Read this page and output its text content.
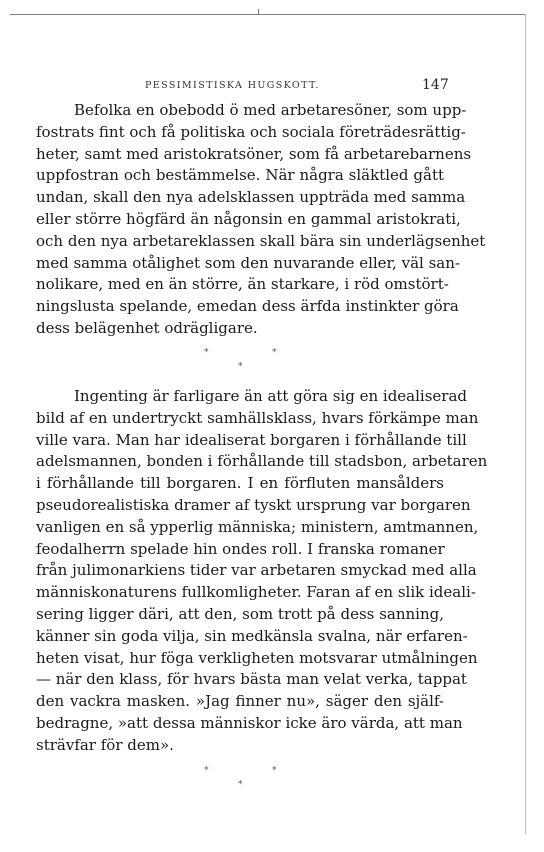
PESSIMISTISKA HUGSKOTT.	147

Befolka en obebodd ö med arbetaresöner, som upp-

fostrats fint och få politiska och sociala företrädesrättig-

heter, samt med aristokratsöner, som få arbetarebarnens

uppfostran och bestämmelse. När några släktled gått

undan, skall den nya adelsklassen uppträda med samma

eller större högfärd än någonsin en gammal aristokrati,

och den nya arbetareklassen skall bära sin underlägsenhet

med samma otålighet som den nuvarande eller, väl san-

nolikare, med en än större, än starkare, i röd omstört-

ningslusta spelande, emedan dess ärfda instinkter göra

dess belägenhet odrägligare.

*	*
*

Ingenting är farligare än att göra sig en idealiserad

bild af en undertryckt samhällsklass, hvars förkämpe man

ville vara. Man har idealiserat borgaren i förhållande till

adelsmannen, bonden i förhållande till stadsbon, arbetaren

i förhållande till borgaren. I en förfluten mansålders

pseudorealistiska dramer af tyskt ursprung var borgaren

vanligen en så ypperlig människa; ministern, amtmannen,

feodalherrn spelade hin ondes roll. I franska romaner

från julimonarkiens tider var arbetaren smyckad med alla

människonaturens fullkomligheter. Faran af en slik ideali-

sering ligger däri, att den, som trott på dess sanning,

känner sin goda vilja, sin medkänsla svalna, när erfaren-

heten visat, hur föga verkligheten motsvarar utmålningen

— när den klass, för hvars bästa man velat verka, tappat

den vackra masken. »Jag finner nu», säger den själf-

bedragne, »att dessa människor icke äro värda, att man

strävfar för dem».

*	*
*
